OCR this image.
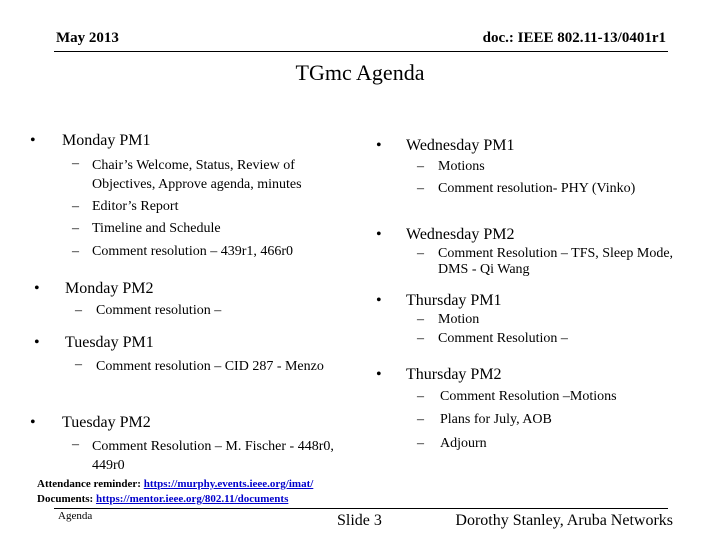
May 2013	doc.: IEEE 802.11-13/0401r1
TGmc Agenda
• Monday PM1
– Chair’s Welcome, Status, Review of Objectives, Approve agenda, minutes
– Editor’s Report
– Timeline and Schedule
– Comment resolution – 439r1, 466r0
• Monday PM2
– Comment resolution –
• Tuesday PM1
– Comment resolution – CID 287 - Menzo
• Tuesday PM2
– Comment Resolution – M. Fischer - 448r0, 449r0
• Wednesday PM1
– Motions
– Comment resolution- PHY (Vinko)
• Wednesday PM2
– Comment Resolution – TFS, Sleep Mode, DMS - Qi Wang
• Thursday PM1
– Motion
– Comment Resolution –
• Thursday PM2
– Comment Resolution –Motions
– Plans for July, AOB
– Adjourn
Attendance reminder: https://murphy.events.ieee.org/imat/
Documents: https://mentor.ieee.org/802.11/documents
Agenda	Slide 3	Dorothy Stanley, Aruba Networks
